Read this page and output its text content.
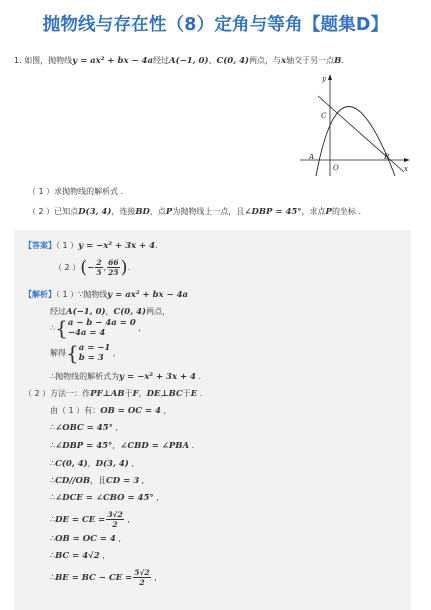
抛物线与存在性（8）定角与等角【题集D】
1. 如图，抛物线y = ax² + bx − 4a经过A(−1, 0)、C(0, 4)两点，与x轴交于另一点B.
y
x
C
A
O
B
（ 1 ）求抛物线的解析式 .
（ 2 ）已知点D(3, 4)，连接BD，点P为抛物线上一点，且∠DBP = 45°，求点P的坐标 .
【答案】（ 1 ）y = −x² + 3x + 4.
（ 2 ）(− $\frac{2}{5}$ , $\frac{66}{25}$ ).
【解析】（ 1 ）∵抛物线y = ax² + bx − 4a
经过A(−1, 0)，C(0, 4)两点，
∴{ a − b − 4a = 0
−4a = 4	,
解得{ a = −1
b = 3 ,
∴抛物线的解析式为y = −x² + 3x + 4 .
（ 2 ）方法一：作PF⊥AB于F，DE⊥BC于E .
由（ 1 ）有：OB = OC = 4 ,
∴∠OBC = 45° ,
∴∠DBP = 45°，∠CBD = ∠PBA .
∴C(0, 4)，D(3, 4) ,
∴CD//OB，且CD = 3 ,
∴∠DCE = ∠CBO = 45° ,
∴DE = CE = $\frac{3√2}{2}$ ,
∴OB = OC = 4 ,
∴BC = 4√2 ,
∴BE = BC − CE = $\frac{5√2}{2}$ ,
